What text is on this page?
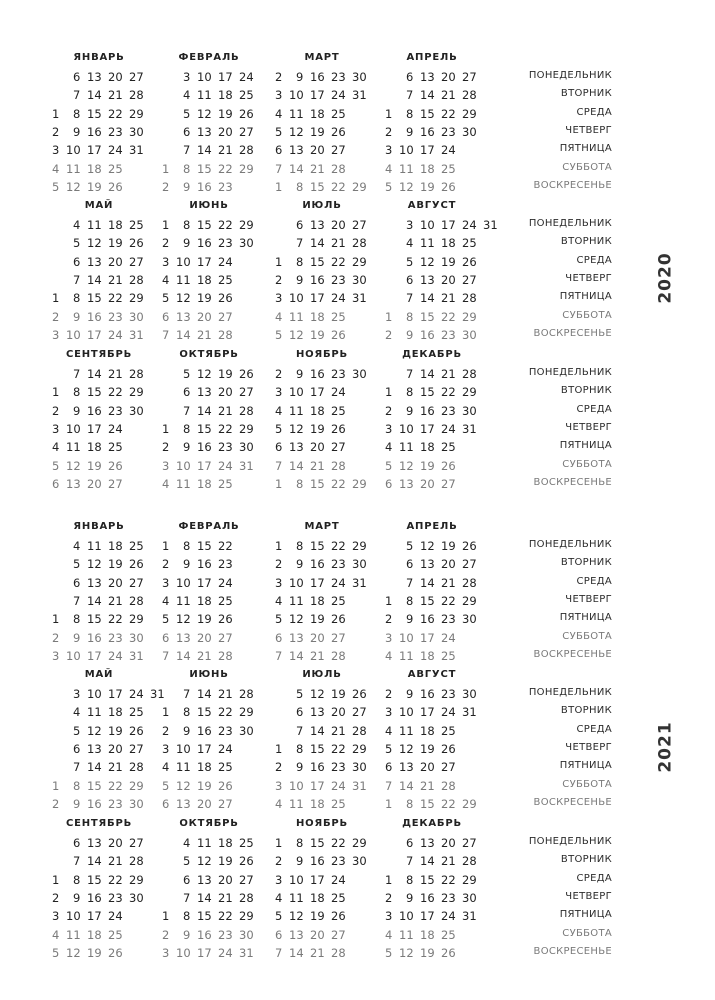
2020
ПОНЕДЕЛЬНИК
ВТОРНИК
СРЕДА
ЧЕТВЕРГ
ПЯТНИЦА
СУББОТА
ВОСКРЕСЕНЬЕ
ЯНВАРЬ
6 13 20 27
7 14 21 28
1 8 15 22 29
2 9 16 23 30
3 10 17 24 31
4 11 18 25
5 12 19 26
ФЕВРАЛЬ
3 10 17 24
4 11 18 25
5 12 19 26
6 13 20 27
7 14 21 28
1 8 15 22 29
2 9 16 23
МАРТ
2 9 16 23 30
3 10 17 24 31
4 11 18 25
5 12 19 26
6 13 20 27
7 14 21 28
1 8 15 22 29
АПРЕЛЬ
6 13 20 27
7 14 21 28
1 8 15 22 29
2 9 16 23 30
3 10 17 24
4 11 18 25
5 12 19 26
ПОНЕДЕЛЬНИК
ВТОРНИК
СРЕДА
ЧЕТВЕРГ
ПЯТНИЦА
СУББОТА
ВОСКРЕСЕНЬЕ
МАЙ
4 11 18 25
5 12 19 26
6 13 20 27
7 14 21 28
1 8 15 22 29
2 9 16 23 30
3 10 17 24 31
ИЮНЬ
1 8 15 22 29
2 9 16 23 30
3 10 17 24
4 11 18 25
5 12 19 26
6 13 20 27
7 14 21 28
ИЮЛЬ
6 13 20 27
7 14 21 28
1 8 15 22 29
2 9 16 23 30
3 10 17 24 31
4 11 18 25
5 12 19 26
АВГУСТ
3 10 17 24 31
4 11 18 25
5 12 19 26
6 13 20 27
7 14 21 28
1 8 15 22 29
2 9 16 23 30
ПОНЕДЕЛЬНИК
ВТОРНИК
СРЕДА
ЧЕТВЕРГ
ПЯТНИЦА
СУББОТА
ВОСКРЕСЕНЬЕ
СЕНТЯБРЬ
7 14 21 28
1 8 15 22 29
2 9 16 23 30
3 10 17 24
4 11 18 25
5 12 19 26
6 13 20 27
ОКТЯБРЬ
5 12 19 26
6 13 20 27
7 14 21 28
1 8 15 22 29
2 9 16 23 30
3 10 17 24 31
4 11 18 25
НОЯБРЬ
2 9 16 23 30
3 10 17 24
4 11 18 25
5 12 19 26
6 13 20 27
7 14 21 28
1 8 15 22 29
ДЕКАБРЬ
7 14 21 28
1 8 15 22 29
2 9 16 23 30
3 10 17 24 31
4 11 18 25
5 12 19 26
6 13 20 27
2021
ПОНЕДЕЛЬНИК
ВТОРНИК
СРЕДА
ЧЕТВЕРГ
ПЯТНИЦА
СУББОТА
ВОСКРЕСЕНЬЕ
ЯНВАРЬ
4 11 18 25
5 12 19 26
6 13 20 27
7 14 21 28
1 8 15 22 29
2 9 16 23 30
3 10 17 24 31
ФЕВРАЛЬ
1 8 15 22
2 9 16 23
3 10 17 24
4 11 18 25
5 12 19 26
6 13 20 27
7 14 21 28
МАРТ
1 8 15 22 29
2 9 16 23 30
3 10 17 24 31
4 11 18 25
5 12 19 26
6 13 20 27
7 14 21 28
АПРЕЛЬ
5 12 19 26
6 13 20 27
7 14 21 28
1 8 15 22 29
2 9 16 23 30
3 10 17 24
4 11 18 25
ПОНЕДЕЛЬНИК
ВТОРНИК
СРЕДА
ЧЕТВЕРГ
ПЯТНИЦА
СУББОТА
ВОСКРЕСЕНЬЕ
МАЙ
3 10 17 24 31
4 11 18 25
5 12 19 26
6 13 20 27
7 14 21 28
1 8 15 22 29
2 9 16 23 30
ИЮНЬ
7 14 21 28
1 8 15 22 29
2 9 16 23 30
3 10 17 24
4 11 18 25
5 12 19 26
6 13 20 27
ИЮЛЬ
5 12 19 26
6 13 20 27
7 14 21 28
1 8 15 22 29
2 9 16 23 30
3 10 17 24 31
4 11 18 25
АВГУСТ
2 9 16 23 30
3 10 17 24 31
4 11 18 25
5 12 19 26
6 13 20 27
7 14 21 28
1 8 15 22 29
ПОНЕДЕЛЬНИК
ВТОРНИК
СРЕДА
ЧЕТВЕРГ
ПЯТНИЦА
СУББОТА
ВОСКРЕСЕНЬЕ
СЕНТЯБРЬ
6 13 20 27
7 14 21 28
1 8 15 22 29
2 9 16 23 30
3 10 17 24
4 11 18 25
5 12 19 26
ОКТЯБРЬ
4 11 18 25
5 12 19 26
6 13 20 27
7 14 21 28
1 8 15 22 29
2 9 16 23 30
3 10 17 24 31
НОЯБРЬ
1 8 15 22 29
2 9 16 23 30
3 10 17 24
4 11 18 25
5 12 19 26
6 13 20 27
7 14 21 28
ДЕКАБРЬ
6 13 20 27
7 14 21 28
1 8 15 22 29
2 9 16 23 30
3 10 17 24 31
4 11 18 25
5 12 19 26
